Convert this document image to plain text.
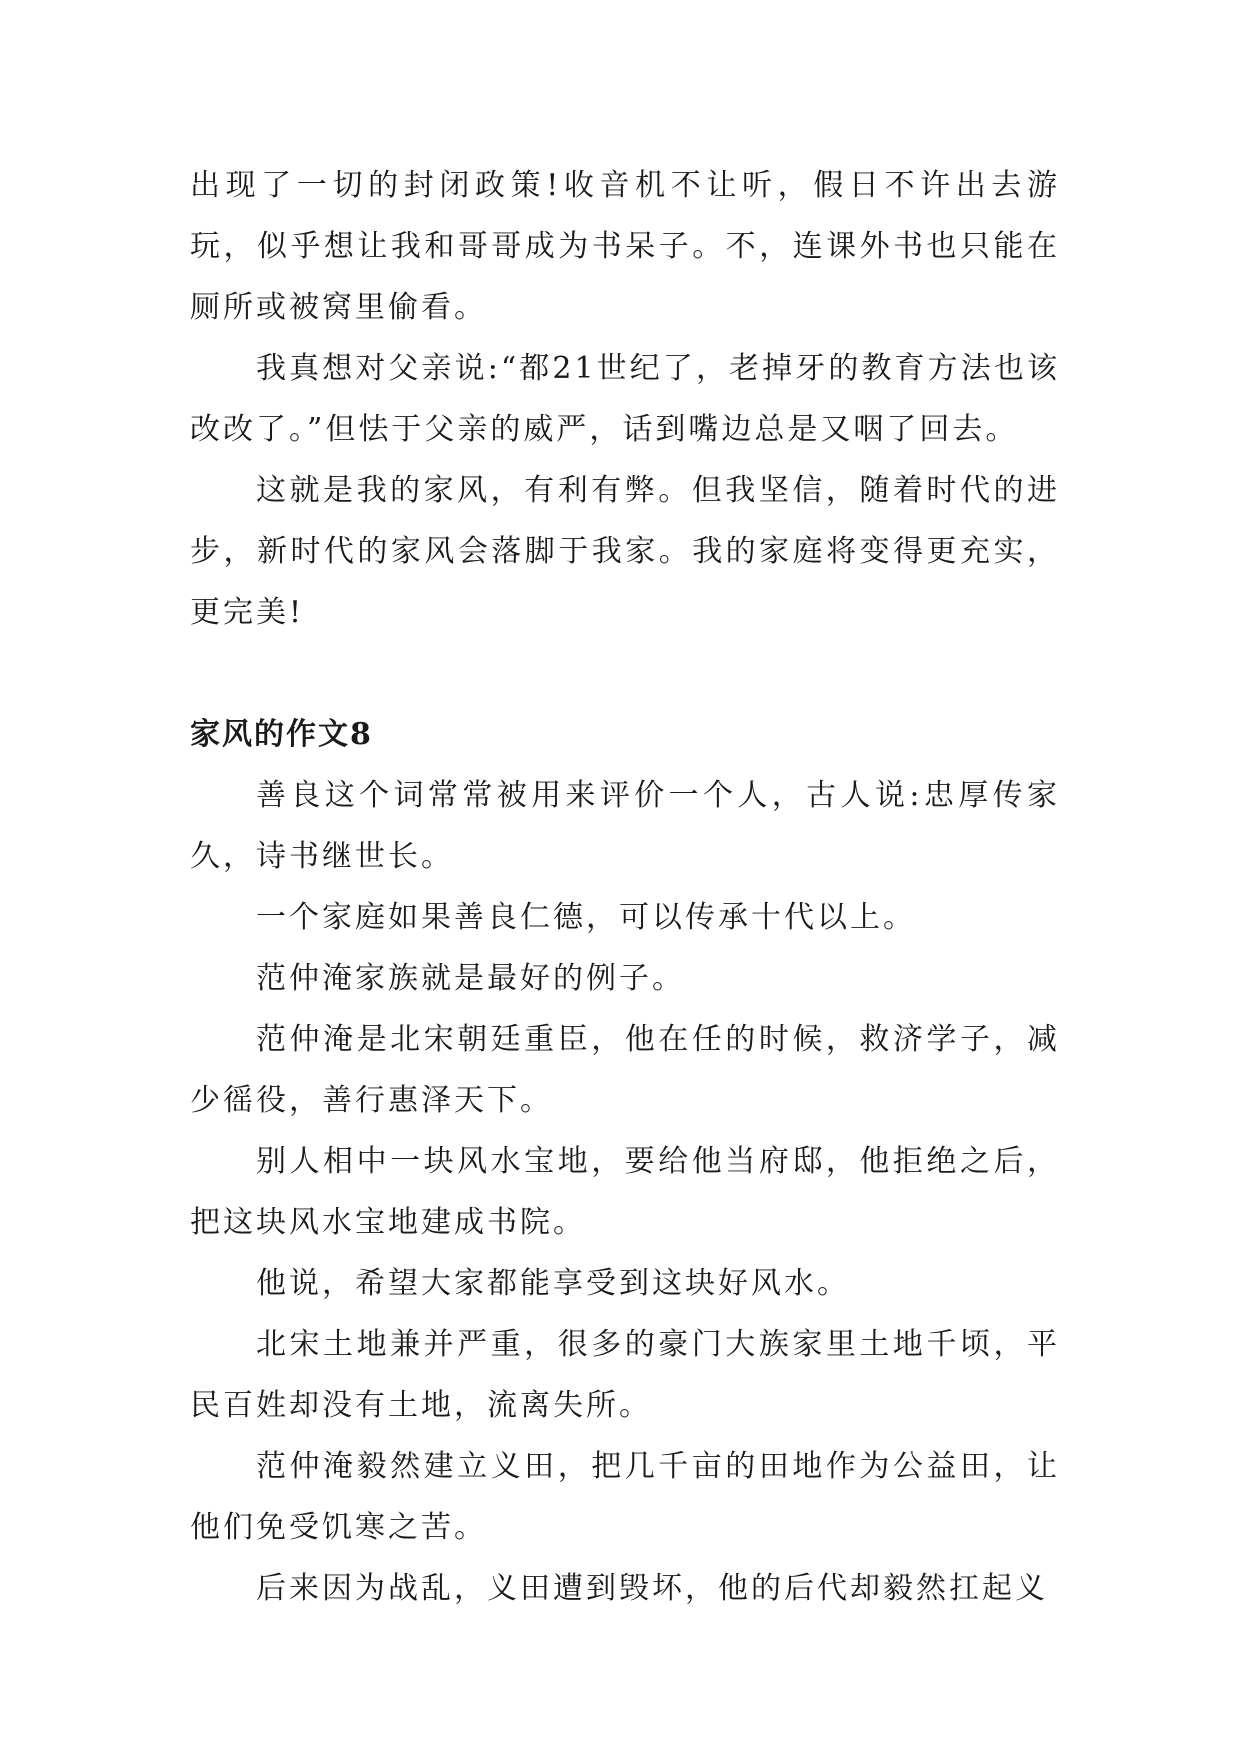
出现了一切的封闭政策!收音机不让听，假日不许出去游玩，似乎想让我和哥哥成为书呆子。不，连课外书也只能在厕所或被窝里偷看。

我真想对父亲说:“都21世纪了，老掉牙的教育方法也该改改了。”但怯于父亲的威严，话到嘴边总是又咽了回去。

这就是我的家风，有利有弊。但我坚信，随着时代的进步，新时代的家风会落脚于我家。我的家庭将变得更充实，更完美!

家风的作文8

善良这个词常常被用来评价一个人，古人说:忠厚传家久，诗书继世长。

一个家庭如果善良仁德，可以传承十代以上。

范仲淹家族就是最好的例子。

范仲淹是北宋朝廷重臣，他在任的时候，救济学子，减少徭役，善行惠泽天下。

别人相中一块风水宝地，要给他当府邸，他拒绝之后，把这块风水宝地建成书院。

他说，希望大家都能享受到这块好风水。

北宋土地兼并严重，很多的豪门大族家里土地千顷，平民百姓却没有土地，流离失所。

范仲淹毅然建立义田，把几千亩的田地作为公益田，让他们免受饥寒之苦。

后来因为战乱，义田遭到毁坏，他的后代却毅然扛起义
